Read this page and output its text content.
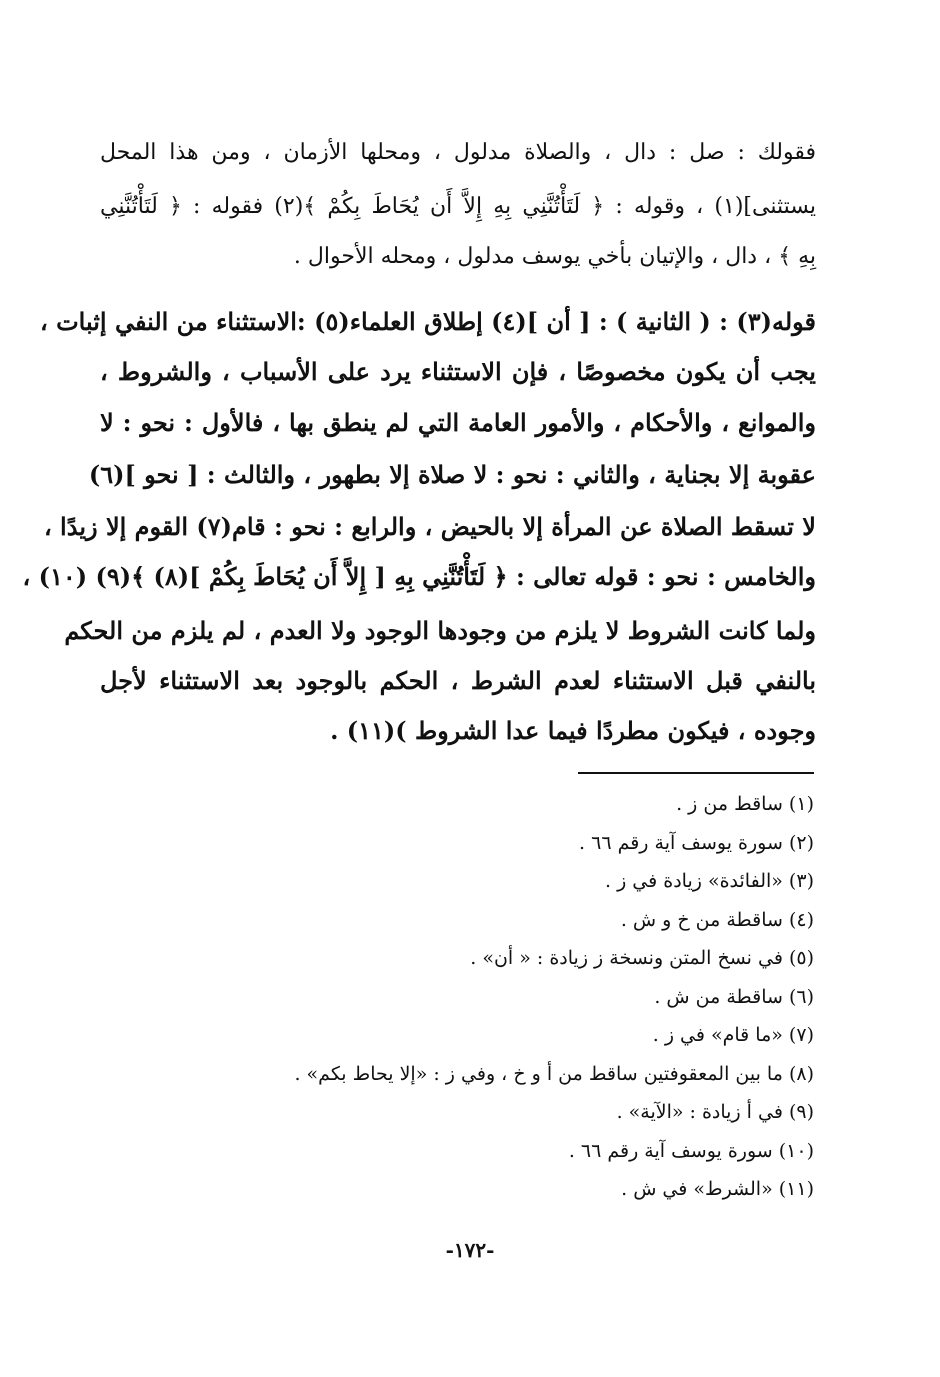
فقولك : صل : دال ، والصلاة مدلول ، ومحلها الأزمان ، ومن هذا المحل
يستثنى](١) ، وقوله : ﴿ لَتَأْتُنَّنِي بِهِ إِلاَّ أَن يُحَاطَ بِكُمْ ﴾(٢) فقوله : ﴿ لَتَأْتُنَّنِي
بِهِ ﴾ ، دال ، والإتيان بأخي يوسف مدلول ، ومحله الأحوال .
قوله(٣) : ( الثانية ) : [ أن ](٤) إطلاق العلماء(٥) :الاستثناء من النفي إثبات ،
يجب أن يكون مخصوصًا ، فإن الاستثناء يرد على الأسباب ، والشروط ،
والموانع ، والأحكام ، والأمور العامة التي لم ينطق بها ، فالأول : نحو : لا
عقوبة إلا بجناية ، والثاني : نحو : لا صلاة إلا بطهور ، والثالث : [ نحو ](٦)
لا تسقط الصلاة عن المرأة إلا بالحيض ، والرابع : نحو : قام(٧) القوم إلا زيدًا ،
والخامس : نحو : قوله تعالى : ﴿ لَتَأْتُنَّنِي بِهِ [ إِلاَّ أَن يُحَاطَ بِكُمْ ](٨) ﴾(٩) (١٠) ،
ولما كانت الشروط لا يلزم من وجودها الوجود ولا العدم ، لم يلزم من الحكم
بالنفي قبل الاستثناء لعدم الشرط ، الحكم بالوجود بعد الاستثناء لأجل
وجوده ، فيكون مطردًا فيما عدا الشروط )(١١) .
(١) ساقط من ز .
(٢) سورة يوسف آية رقم ٦٦ .
(٣) «الفائدة» زيادة في ز .
(٤) ساقطة من خ و ش .
(٥) في نسخ المتن ونسخة ز زيادة : « أن» .
(٦) ساقطة من ش .
(٧) «ما قام» في ز .
(٨) ما بين المعقوفتين ساقط من أ و خ ، وفي ز : «إلا يحاط بكم» .
(٩) في أ زيادة : «الآية» .
(١٠) سورة يوسف آية رقم ٦٦ .
(١١) «الشرط» في ش .
-١٧٢-
